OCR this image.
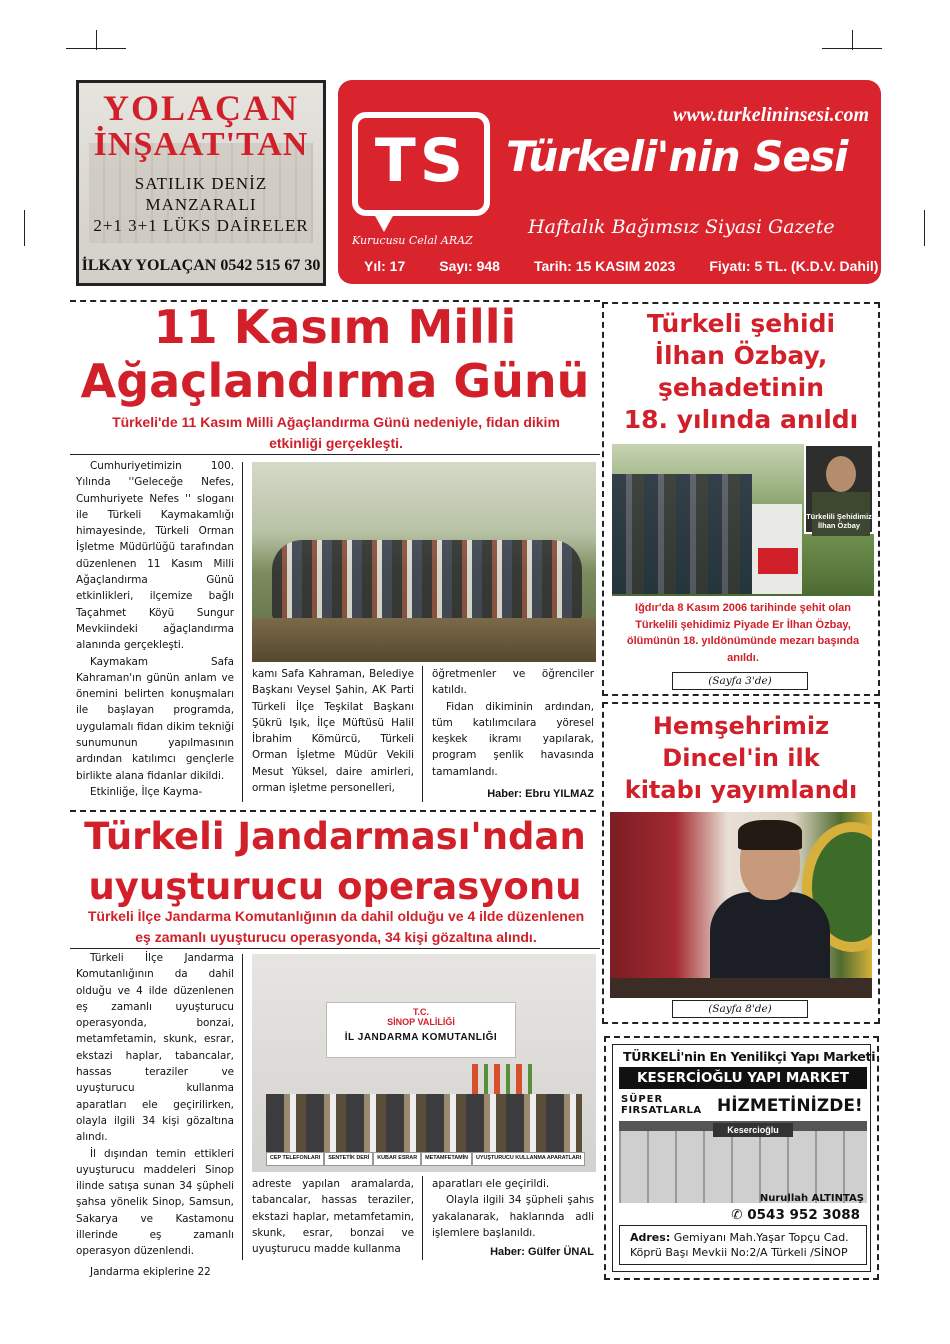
YOLAÇAN
İNŞAAT'TAN
SATILIK DENİZ MANZARALI
2+1 3+1 LÜKS DAİRELER
İLKAY YOLAÇAN 0542 515 67 30
TS
www.turkelininsesi.com
Türkeli'nin Sesi
Haftalık Bağımsız Siyasi Gazete
Kurucusu Celal ARAZ
Yıl: 17 Sayı: 948 Tarih: 15 KASIM 2023 Fiyatı: 5 TL. (K.D.V. Dahil)
11 Kasım Milli
Ağaçlandırma Günü
Türkeli'de 11 Kasım Milli Ağaçlandırma Günü nedeniyle, fidan dikim etkinliği gerçekleşti.

Cumhuriyetimizin 100. Yılında ''Geleceğe Nefes, Cumhuriyete Nefes '' sloganı ile Türkeli Kaymakamlığı himayesinde, Türkeli Orman İşletme Müdürlüğü tarafından düzenlenen 11 Kasım Milli Ağaçlandırma Günü etkinlikleri, ilçemize bağlı Taçahmet Köyü Sungur Mevkiindeki ağaçlandırma alanında gerçekleşti.

Kaymakam Safa Kahraman'ın günün anlam ve önemini belirten konuşmaları ile başlayan programda, uygulamalı fidan dikim tekniği sunumunun yapılmasının ardından katılımcı gençlerle birlikte alana fidanlar dikildi.

Etkinliğe, İlçe Kayma-

kamı Safa Kahraman, Belediye Başkanı Veysel Şahin, AK Parti Türkeli İlçe Teşkilat Başkanı Şükrü Işık, İlçe Müftüsü Halil İbrahim Kömürcü, Türkeli Orman İşletme Müdür Vekili Mesut Yüksel, daire amirleri, orman işletme personelleri,

öğretmenler ve öğrenciler katıldı.

Fidan dikiminin ardından, tüm katılımcılara yöresel keşkek ikramı yapılarak, program şenlik havasında tamamlandı.

Haber: Ebru YILMAZ
Türkeli Jandarması'ndan
uyuşturucu operasyonu
Türkeli İlçe Jandarma Komutanlığının da dahil olduğu ve 4 ilde düzenlenen eş zamanlı uyuşturucu operasyonda, 34 kişi gözaltına alındı.

Türkeli İlçe Jandarma Komutanlığının da dahil olduğu ve 4 ilde düzenlenen eş zamanlı uyuşturucu operasyonda, bonzai, metamfetamin, skunk, esrar, ekstazi haplar, tabancalar, hassas teraziler ve uyuşturucu kullanma aparatları ele geçirilirken, olayla ilgili 34 kişi gözaltına alındı.

İl dışından temin ettikleri uyuşturucu maddeleri Sinop ilinde satışa sunan 34 şüpheli şahsa yönelik Sinop, Samsun, Sakarya ve Kastamonu illerinde eş zamanlı operasyon düzenlendi.

Jandarma ekiplerine 22

T.C.
SİNOP VALİLİĞİ
İL JANDARMA KOMUTANLIĞI
CEP TELEFONLARI	SENTETİK DERİ	KUBAR ESRAR	METAMFETAMİN	UYUŞTURUCU KULLANMA APARATLARI

adreste yapılan aramalarda, tabancalar, hassas teraziler, ekstazi haplar, metamfetamin, skunk, esrar, bonzai ve uyuşturucu madde kullanma

aparatları ele geçirildi.

Olayla ilgili 34 şüpheli şahıs yakalanarak, haklarında adli işlemlere başlanıldı.

Haber: Gülfer ÜNAL
Türkeli şehidi
İlhan Özbay,
şehadetinin
18. yılında anıldı
Türkelili Şehidimiz
İlhan Özbay
Iğdır'da 8 Kasım 2006 tarihinde şehit olan Türkelili şehidimiz Piyade Er İlhan Özbay, ölümünün 18. yıldönümünde mezarı başında anıldı.
(Sayfa 3'de)
Hemşehrimiz
Dincel'in ilk
kitabı yayımlandı
(Sayfa 8'de)
TÜRKELİ'nin En Yenilikçi Yapı Marketi
KESERCİOĞLU YAPI MARKET
SÜPER
FIRSATLARLA HİZMETİNİZDE!
Kesercioğlu
Nurullah ALTINTAŞ
✆ 0543 952 3088
Adres: Gemiyanı Mah.Yaşar Topçu Cad.
Köprü Başı Mevkii No:2/A Türkeli /SİNOP
